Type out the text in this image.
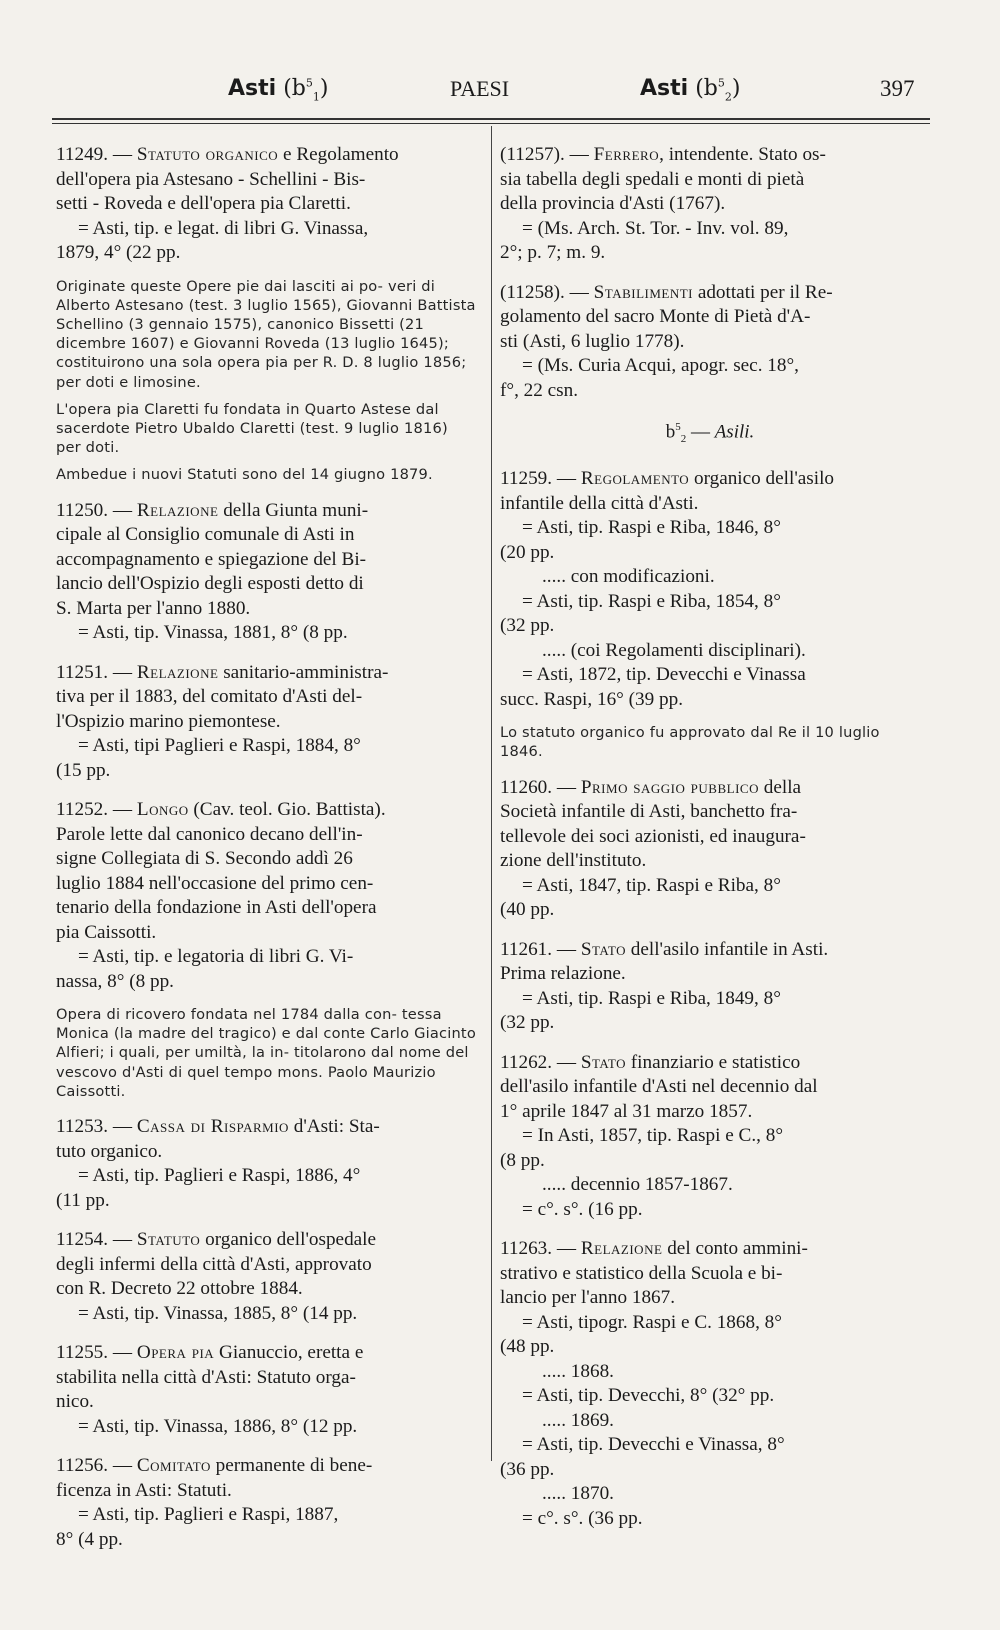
Asti $(b^5_1)$	PAESI	Asti $(b^5_2)$	397
11249. — Statuto organico e Regolamento
dell'opera pia Astesano - Schellini - Bis-
setti - Roveda e dell'opera pia Claretti.
= Asti, tip. e legat. di libri G. Vinassa,
1879, 4° (22 pp.

Originate queste Opere pie dai lasciti ai po- veri di Alberto Astesano (test. 3 luglio 1565), Giovanni Battista Schellino (3 gennaio 1575), canonico Bissetti (21 dicembre 1607) e Giovanni Roveda (13 luglio 1645); costituirono una sola opera pia per R. D. 8 luglio 1856; per doti e limosine.

L'opera pia Claretti fu fondata in Quarto Astese dal sacerdote Pietro Ubaldo Claretti (test. 9 luglio 1816) per doti.

Ambedue i nuovi Statuti sono del 14 giugno 1879.

11250. — Relazione della Giunta muni-
cipale al Consiglio comunale di Asti in
accompagnamento e spiegazione del Bi-
lancio dell'Ospizio degli esposti detto di
S. Marta per l'anno 1880.
= Asti, tip. Vinassa, 1881, 8° (8 pp.
11251. — Relazione sanitario-amministra-
tiva per il 1883, del comitato d'Asti del-
l'Ospizio marino piemontese.
= Asti, tipi Paglieri e Raspi, 1884, 8°
(15 pp.
11252. — Longo (Cav. teol. Gio. Battista).
Parole lette dal canonico decano dell'in-
signe Collegiata di S. Secondo addì 26
luglio 1884 nell'occasione del primo cen-
tenario della fondazione in Asti dell'opera
pia Caissotti.
= Asti, tip. e legatoria di libri G. Vi-
nassa, 8° (8 pp.

Opera di ricovero fondata nel 1784 dalla con- tessa Monica (la madre del tragico) e dal conte Carlo Giacinto Alfieri; i quali, per umiltà, la in- titolarono dal nome del vescovo d'Asti di quel tempo mons. Paolo Maurizio Caissotti.

11253. — Cassa di Risparmio d'Asti: Sta-
tuto organico.
= Asti, tip. Paglieri e Raspi, 1886, 4°
(11 pp.
11254. — Statuto organico dell'ospedale
degli infermi della città d'Asti, approvato
con R. Decreto 22 ottobre 1884.
= Asti, tip. Vinassa, 1885, 8° (14 pp.
11255. — Opera pia Gianuccio, eretta e
stabilita nella città d'Asti: Statuto orga-
nico.
= Asti, tip. Vinassa, 1886, 8° (12 pp.
11256. — Comitato permanente di bene-
ficenza in Asti: Statuti.
= Asti, tip. Paglieri e Raspi, 1887,
8° (4 pp.
(11257). — Ferrero, intendente. Stato os-
sia tabella degli spedali e monti di pietà
della provincia d'Asti (1767).
= (Ms. Arch. St. Tor. - Inv. vol. 89,
2°; p. 7; m. 9.
(11258). — Stabilimenti adottati per il Re-
golamento del sacro Monte di Pietà d'A-
sti (Asti, 6 luglio 1778).
= (Ms. Curia Acqui, apogr. sec. 18°,
f°, 22 csn.
$b^5_2$ — Asili.
11259. — Regolamento organico dell'asilo
infantile della città d'Asti.
= Asti, tip. Raspi e Riba, 1846, 8°
(20 pp.
..... con modificazioni.
= Asti, tip. Raspi e Riba, 1854, 8°
(32 pp.
..... (coi Regolamenti disciplinari).
= Asti, 1872, tip. Devecchi e Vinassa
succ. Raspi, 16° (39 pp.

Lo statuto organico fu approvato dal Re il 10 luglio 1846.

11260. — Primo saggio pubblico della
Società infantile di Asti, banchetto fra-
tellevole dei soci azionisti, ed inaugura-
zione dell'instituto.
= Asti, 1847, tip. Raspi e Riba, 8°
(40 pp.
11261. — Stato dell'asilo infantile in Asti.
Prima relazione.
= Asti, tip. Raspi e Riba, 1849, 8°
(32 pp.
11262. — Stato finanziario e statistico
dell'asilo infantile d'Asti nel decennio dal
1° aprile 1847 al 31 marzo 1857.
= In Asti, 1857, tip. Raspi e C., 8°
(8 pp.
..... decennio 1857-1867.
= c°. s°. (16 pp.
11263. — Relazione del conto ammini-
strativo e statistico della Scuola e bi-
lancio per l'anno 1867.
= Asti, tipogr. Raspi e C. 1868, 8°
(48 pp.
..... 1868.
= Asti, tip. Devecchi, 8° (32° pp.
..... 1869.
= Asti, tip. Devecchi e Vinassa, 8°
(36 pp.
..... 1870.
= c°. s°. (36 pp.
